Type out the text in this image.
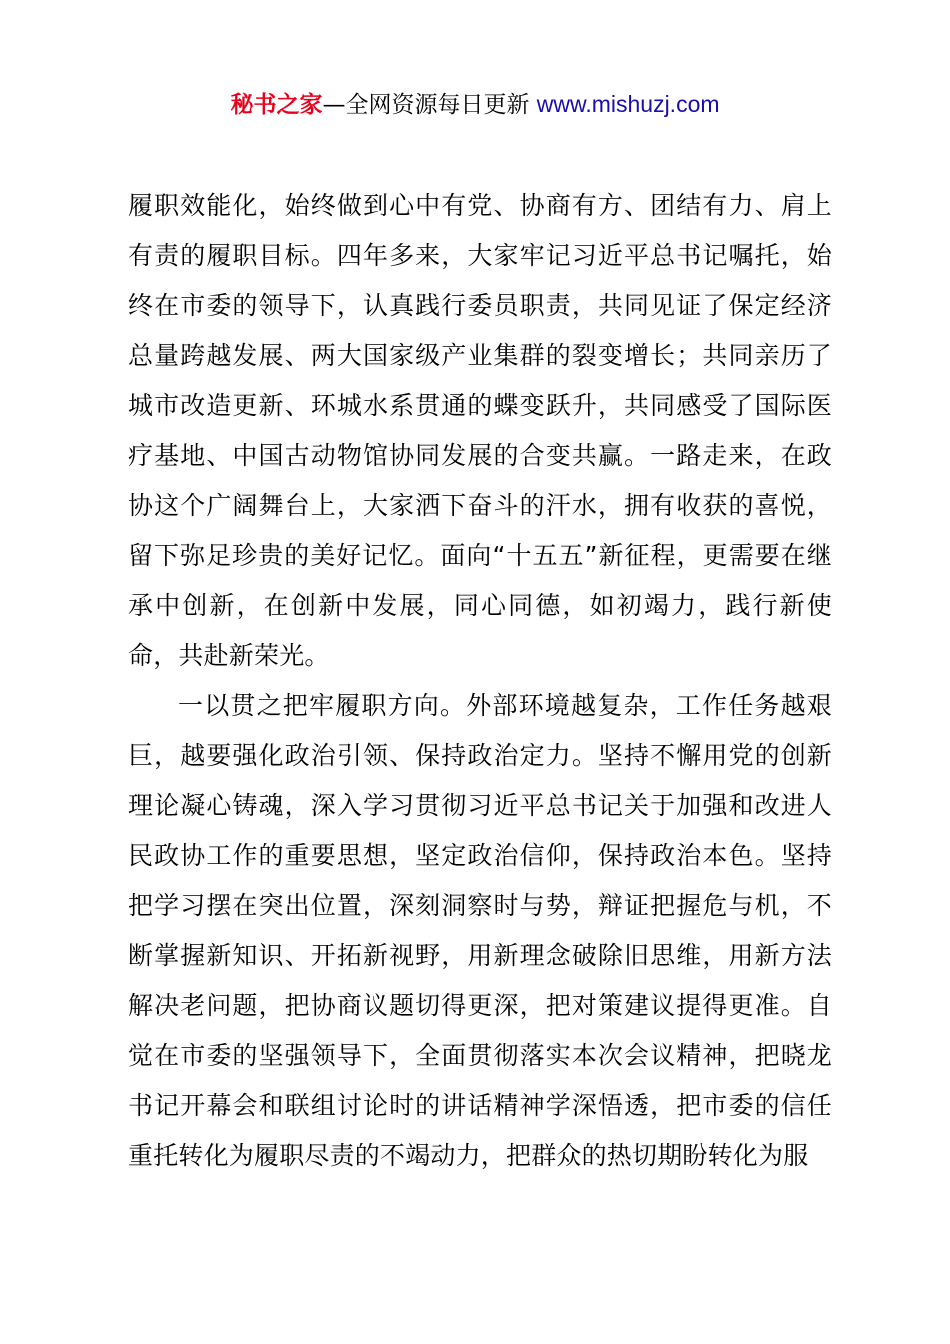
秘书之家—全网资源每日更新 www.mishuzj.com

履职效能化，始终做到心中有党、协商有方、团结有力、肩上有责的履职目标。四年多来，大家牢记习近平总书记嘱托，始终在市委的领导下，认真践行委员职责，共同见证了保定经济总量跨越发展、两大国家级产业集群的裂变增长；共同亲历了城市改造更新、环城水系贯通的蝶变跃升，共同感受了国际医疗基地、中国古动物馆协同发展的合变共赢。一路走来，在政协这个广阔舞台上，大家洒下奋斗的汗水，拥有收获的喜悦，留下弥足珍贵的美好记忆。面向“十五五”新征程，更需要在继承中创新，在创新中发展，同心同德，如初竭力，践行新使命，共赴新荣光。

一以贯之把牢履职方向。外部环境越复杂，工作任务越艰巨，越要强化政治引领、保持政治定力。坚持不懈用党的创新理论凝心铸魂，深入学习贯彻习近平总书记关于加强和改进人民政协工作的重要思想，坚定政治信仰，保持政治本色。坚持把学习摆在突出位置，深刻洞察时与势，辩证把握危与机，不断掌握新知识、开拓新视野，用新理念破除旧思维，用新方法解决老问题，把协商议题切得更深，把对策建议提得更准。自觉在市委的坚强领导下，全面贯彻落实本次会议精神，把晓龙书记开幕会和联组讨论时的讲话精神学深悟透，把市委的信任重托转化为履职尽责的不竭动力，把群众的热切期盼转化为服
